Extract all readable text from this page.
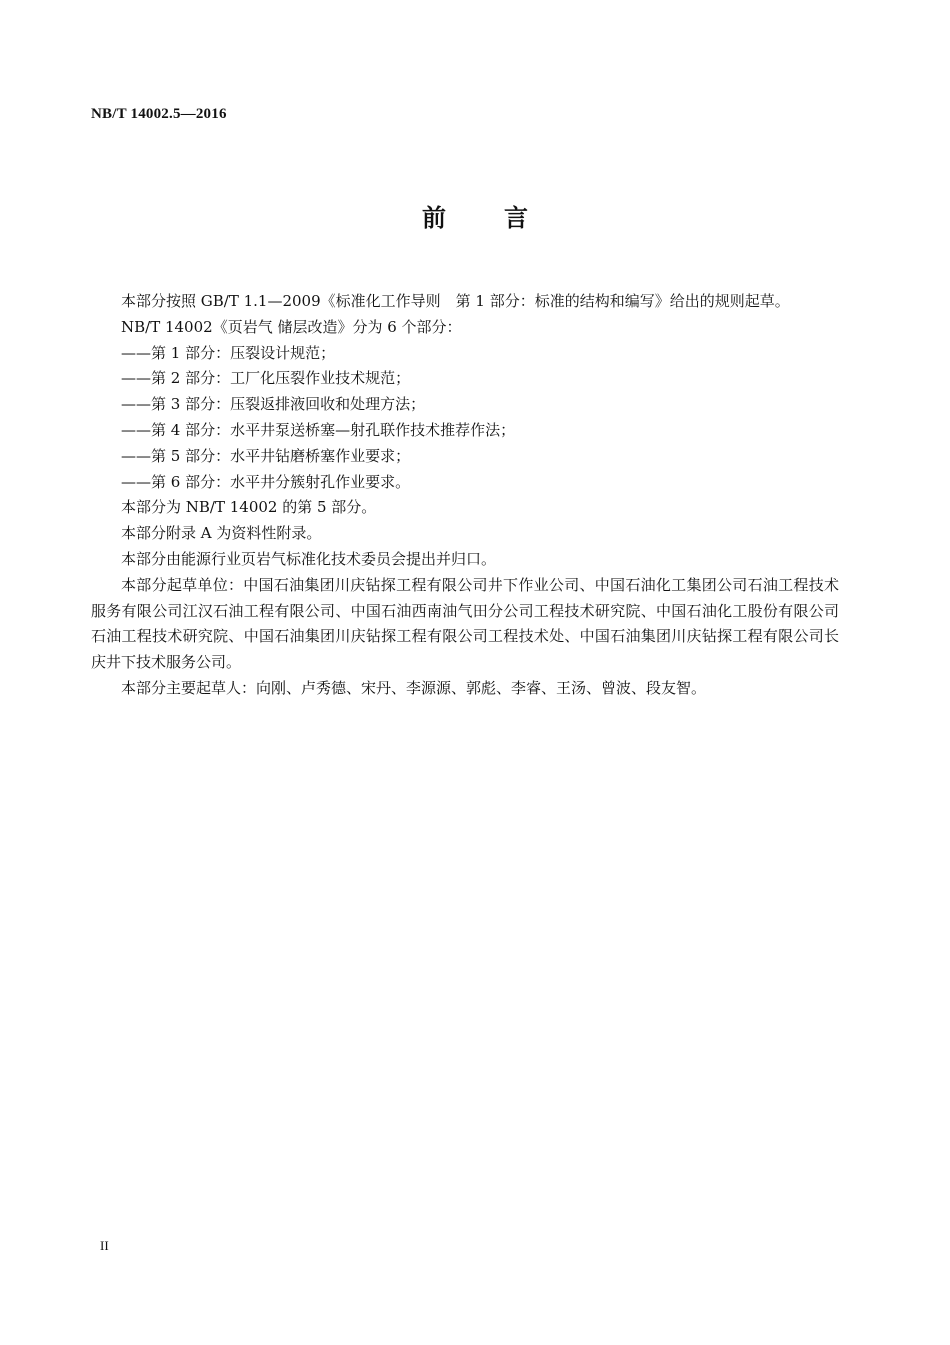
NB/T 14002.5—2016
前 言

本部分按照 GB/T 1.1—2009《标准化工作导则　第 1 部分：标准的结构和编写》给出的规则起草。

NB/T 14002《页岩气 储层改造》分为 6 个部分：

——第 1 部分：压裂设计规范；

——第 2 部分：工厂化压裂作业技术规范；

——第 3 部分：压裂返排液回收和处理方法；

——第 4 部分：水平井泵送桥塞—射孔联作技术推荐作法；

——第 5 部分：水平井钻磨桥塞作业要求；

——第 6 部分：水平井分簇射孔作业要求。

本部分为 NB/T 14002 的第 5 部分。

本部分附录 A 为资料性附录。

本部分由能源行业页岩气标准化技术委员会提出并归口。

本部分起草单位：中国石油集团川庆钻探工程有限公司井下作业公司、中国石油化工集团公司石油工程技术服务有限公司江汉石油工程有限公司、中国石油西南油气田分公司工程技术研究院、中国石油化工股份有限公司石油工程技术研究院、中国石油集团川庆钻探工程有限公司工程技术处、中国石油集团川庆钻探工程有限公司长庆井下技术服务公司。

本部分主要起草人：向刚、卢秀德、宋丹、李源源、郭彪、李睿、王汤、曾波、段友智。

II
